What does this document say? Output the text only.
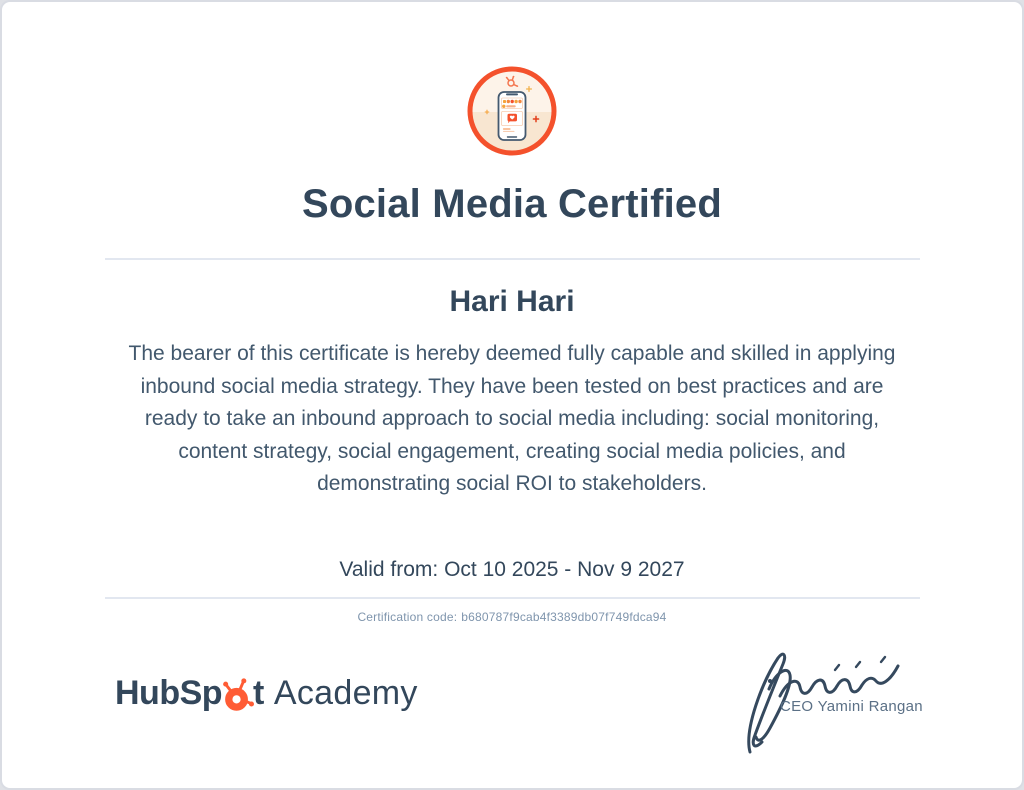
Social Media Certified
Hari Hari

The bearer of this certificate is hereby deemed fully capable and skilled in applying inbound social media strategy. They have been tested on best practices and are ready to take an inbound approach to social media including: social monitoring, content strategy, social engagement, creating social media policies, and demonstrating social ROI to stakeholders.

Valid from: Oct 10 2025 - Nov 9 2027

Certification code: b680787f9cab4f3389db07f749fdca94

HubSp t Academy	CEO Yamini Rangan
